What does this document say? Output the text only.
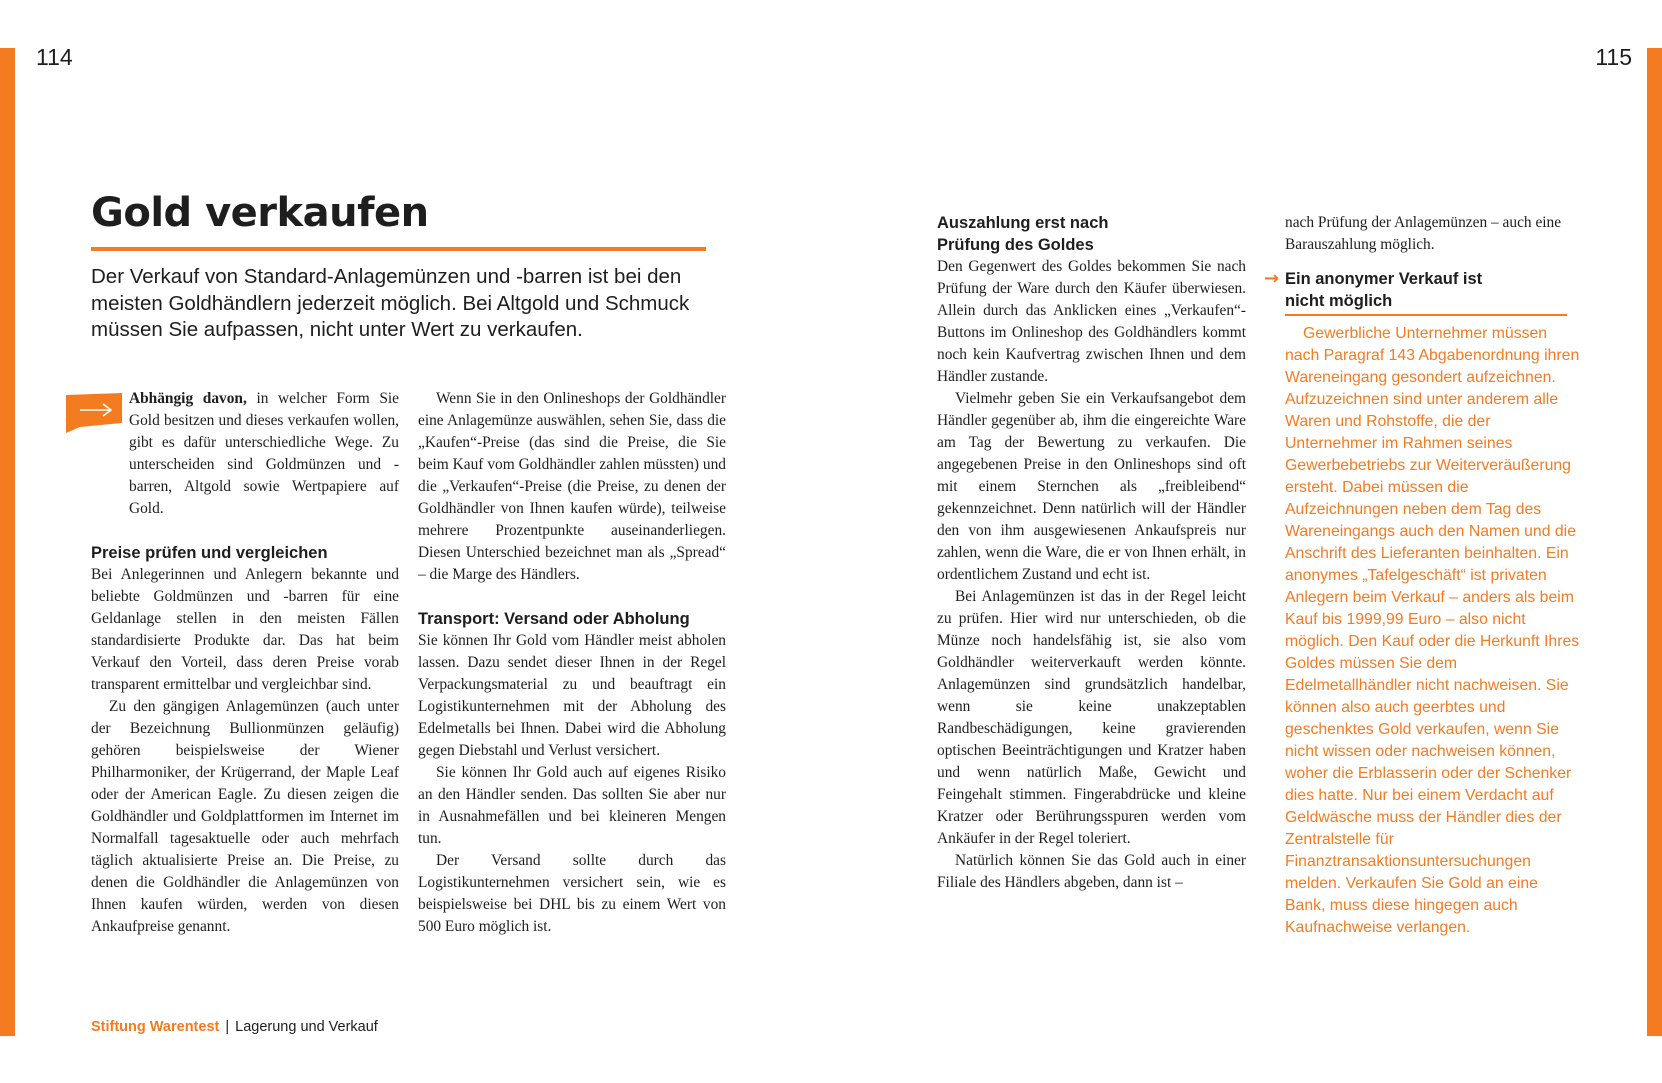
114	115
Gold verkaufen

Der Verkauf von Standard-Anlagemünzen und -barren ist bei den meisten Goldhändlern jederzeit möglich. Bei Altgold und Schmuck müssen Sie aufpassen, nicht unter Wert zu verkaufen.

Abhängig davon, in welcher Form Sie Gold besitzen und dieses verkaufen wollen, gibt es dafür unterschiedliche Wege. Zu unterscheiden sind Goldmünzen und -barren, Altgold sowie Wertpapiere auf Gold.

Preise prüfen und vergleichen

Bei Anlegerinnen und Anlegern bekannte und beliebte Goldmünzen und -barren für eine Geldanlage stellen in den meisten Fällen standardisierte Produkte dar. Das hat beim Verkauf den Vorteil, dass deren Preise vorab transparent ermittelbar und vergleichbar sind.

Zu den gängigen Anlagemünzen (auch unter der Bezeichnung Bullionmünzen geläufig) gehören beispielsweise der Wiener Philharmoniker, der Krügerrand, der Maple Leaf oder der American Eagle. Zu diesen zeigen die Goldhändler und Goldplattformen im Internet im Normalfall tagesaktuelle oder auch mehrfach täglich aktualisierte Preise an. Die Preise, zu denen die Goldhändler die Anlagemünzen von Ihnen kaufen würden, werden von diesen Ankaufpreise genannt.

Wenn Sie in den Onlineshops der Goldhändler eine Anlagemünze auswählen, sehen Sie, dass die „Kaufen“-Preise (das sind die Preise, die Sie beim Kauf vom Goldhändler zahlen müssten) und die „Verkaufen“-Preise (die Preise, zu denen der Goldhändler von Ihnen kaufen würde), teilweise mehrere Prozentpunkte auseinanderliegen. Diesen Unterschied bezeichnet man als „Spread“ – die Marge des Händlers.

Transport: Versand oder Abholung

Sie können Ihr Gold vom Händler meist abholen lassen. Dazu sendet dieser Ihnen in der Regel Verpackungsmaterial zu und beauftragt ein Logistikunternehmen mit der Abholung des Edelmetalls bei Ihnen. Dabei wird die Abholung gegen Diebstahl und Verlust versichert.

Sie können Ihr Gold auch auf eigenes Risiko an den Händler senden. Das sollten Sie aber nur in Ausnahmefällen und bei kleineren Mengen tun.

Der Versand sollte durch das Logistikunternehmen versichert sein, wie es beispielsweise bei DHL bis zu einem Wert von 500 Euro möglich ist.

Auszahlung erst nach Prüfung des Goldes

Den Gegenwert des Goldes bekommen Sie nach Prüfung der Ware durch den Käufer überwiesen. Allein durch das Anklicken eines „Verkaufen“-Buttons im Onlineshop des Goldhändlers kommt noch kein Kaufvertrag zwischen Ihnen und dem Händler zustande.

Vielmehr geben Sie ein Verkaufsangebot dem Händler gegenüber ab, ihm die eingereichte Ware am Tag der Bewertung zu verkaufen. Die angegebenen Preise in den Onlineshops sind oft mit einem Sternchen als „freibleibend“ gekennzeichnet. Denn natürlich will der Händler den von ihm ausgewiesenen Ankaufspreis nur zahlen, wenn die Ware, die er von Ihnen erhält, in ordentlichem Zustand und echt ist.

Bei Anlagemünzen ist das in der Regel leicht zu prüfen. Hier wird nur unterschieden, ob die Münze noch handelsfähig ist, sie also vom Goldhändler weiterverkauft werden könnte. Anlagemünzen sind grundsätzlich handelbar, wenn sie keine unakzeptablen Randbeschädigungen, keine gravierenden optischen Beeinträchtigungen und Kratzer haben und wenn natürlich Maße, Gewicht und Feingehalt stimmen. Fingerabdrücke und kleine Kratzer oder Berührungsspuren werden vom Ankäufer in der Regel toleriert.

Natürlich können Sie das Gold auch in einer Filiale des Händlers abgeben, dann ist –

nach Prüfung der Anlagemünzen – auch eine Barauszahlung möglich.

→ Ein anonymer Verkauf ist nicht möglich

Gewerbliche Unternehmer müssen nach Paragraf 143 Abgabenordnung ihren Wareneingang gesondert aufzeichnen. Aufzuzeichnen sind unter anderem alle Waren und Rohstoffe, die der Unternehmer im Rahmen seines Gewerbebetriebs zur Weiterveräußerung ersteht. Dabei müssen die Aufzeichnungen neben dem Tag des Wareneingangs auch den Namen und die Anschrift des Lieferanten beinhalten. Ein anonymes „Tafelgeschäft“ ist privaten Anlegern beim Verkauf – anders als beim Kauf bis 1999,99 Euro – also nicht möglich. Den Kauf oder die Herkunft Ihres Goldes müssen Sie dem Edelmetallhändler nicht nachweisen. Sie können also auch geerbtes und geschenktes Gold verkaufen, wenn Sie nicht wissen oder nachweisen können, woher die Erblasserin oder der Schenker dies hatte. Nur bei einem Verdacht auf Geldwäsche muss der Händler dies der Zentralstelle für Finanztransaktionsuntersuchungen melden. Verkaufen Sie Gold an eine Bank, muss diese hingegen auch Kaufnachweise verlangen.

Stiftung Warentest | Lagerung und Verkauf
